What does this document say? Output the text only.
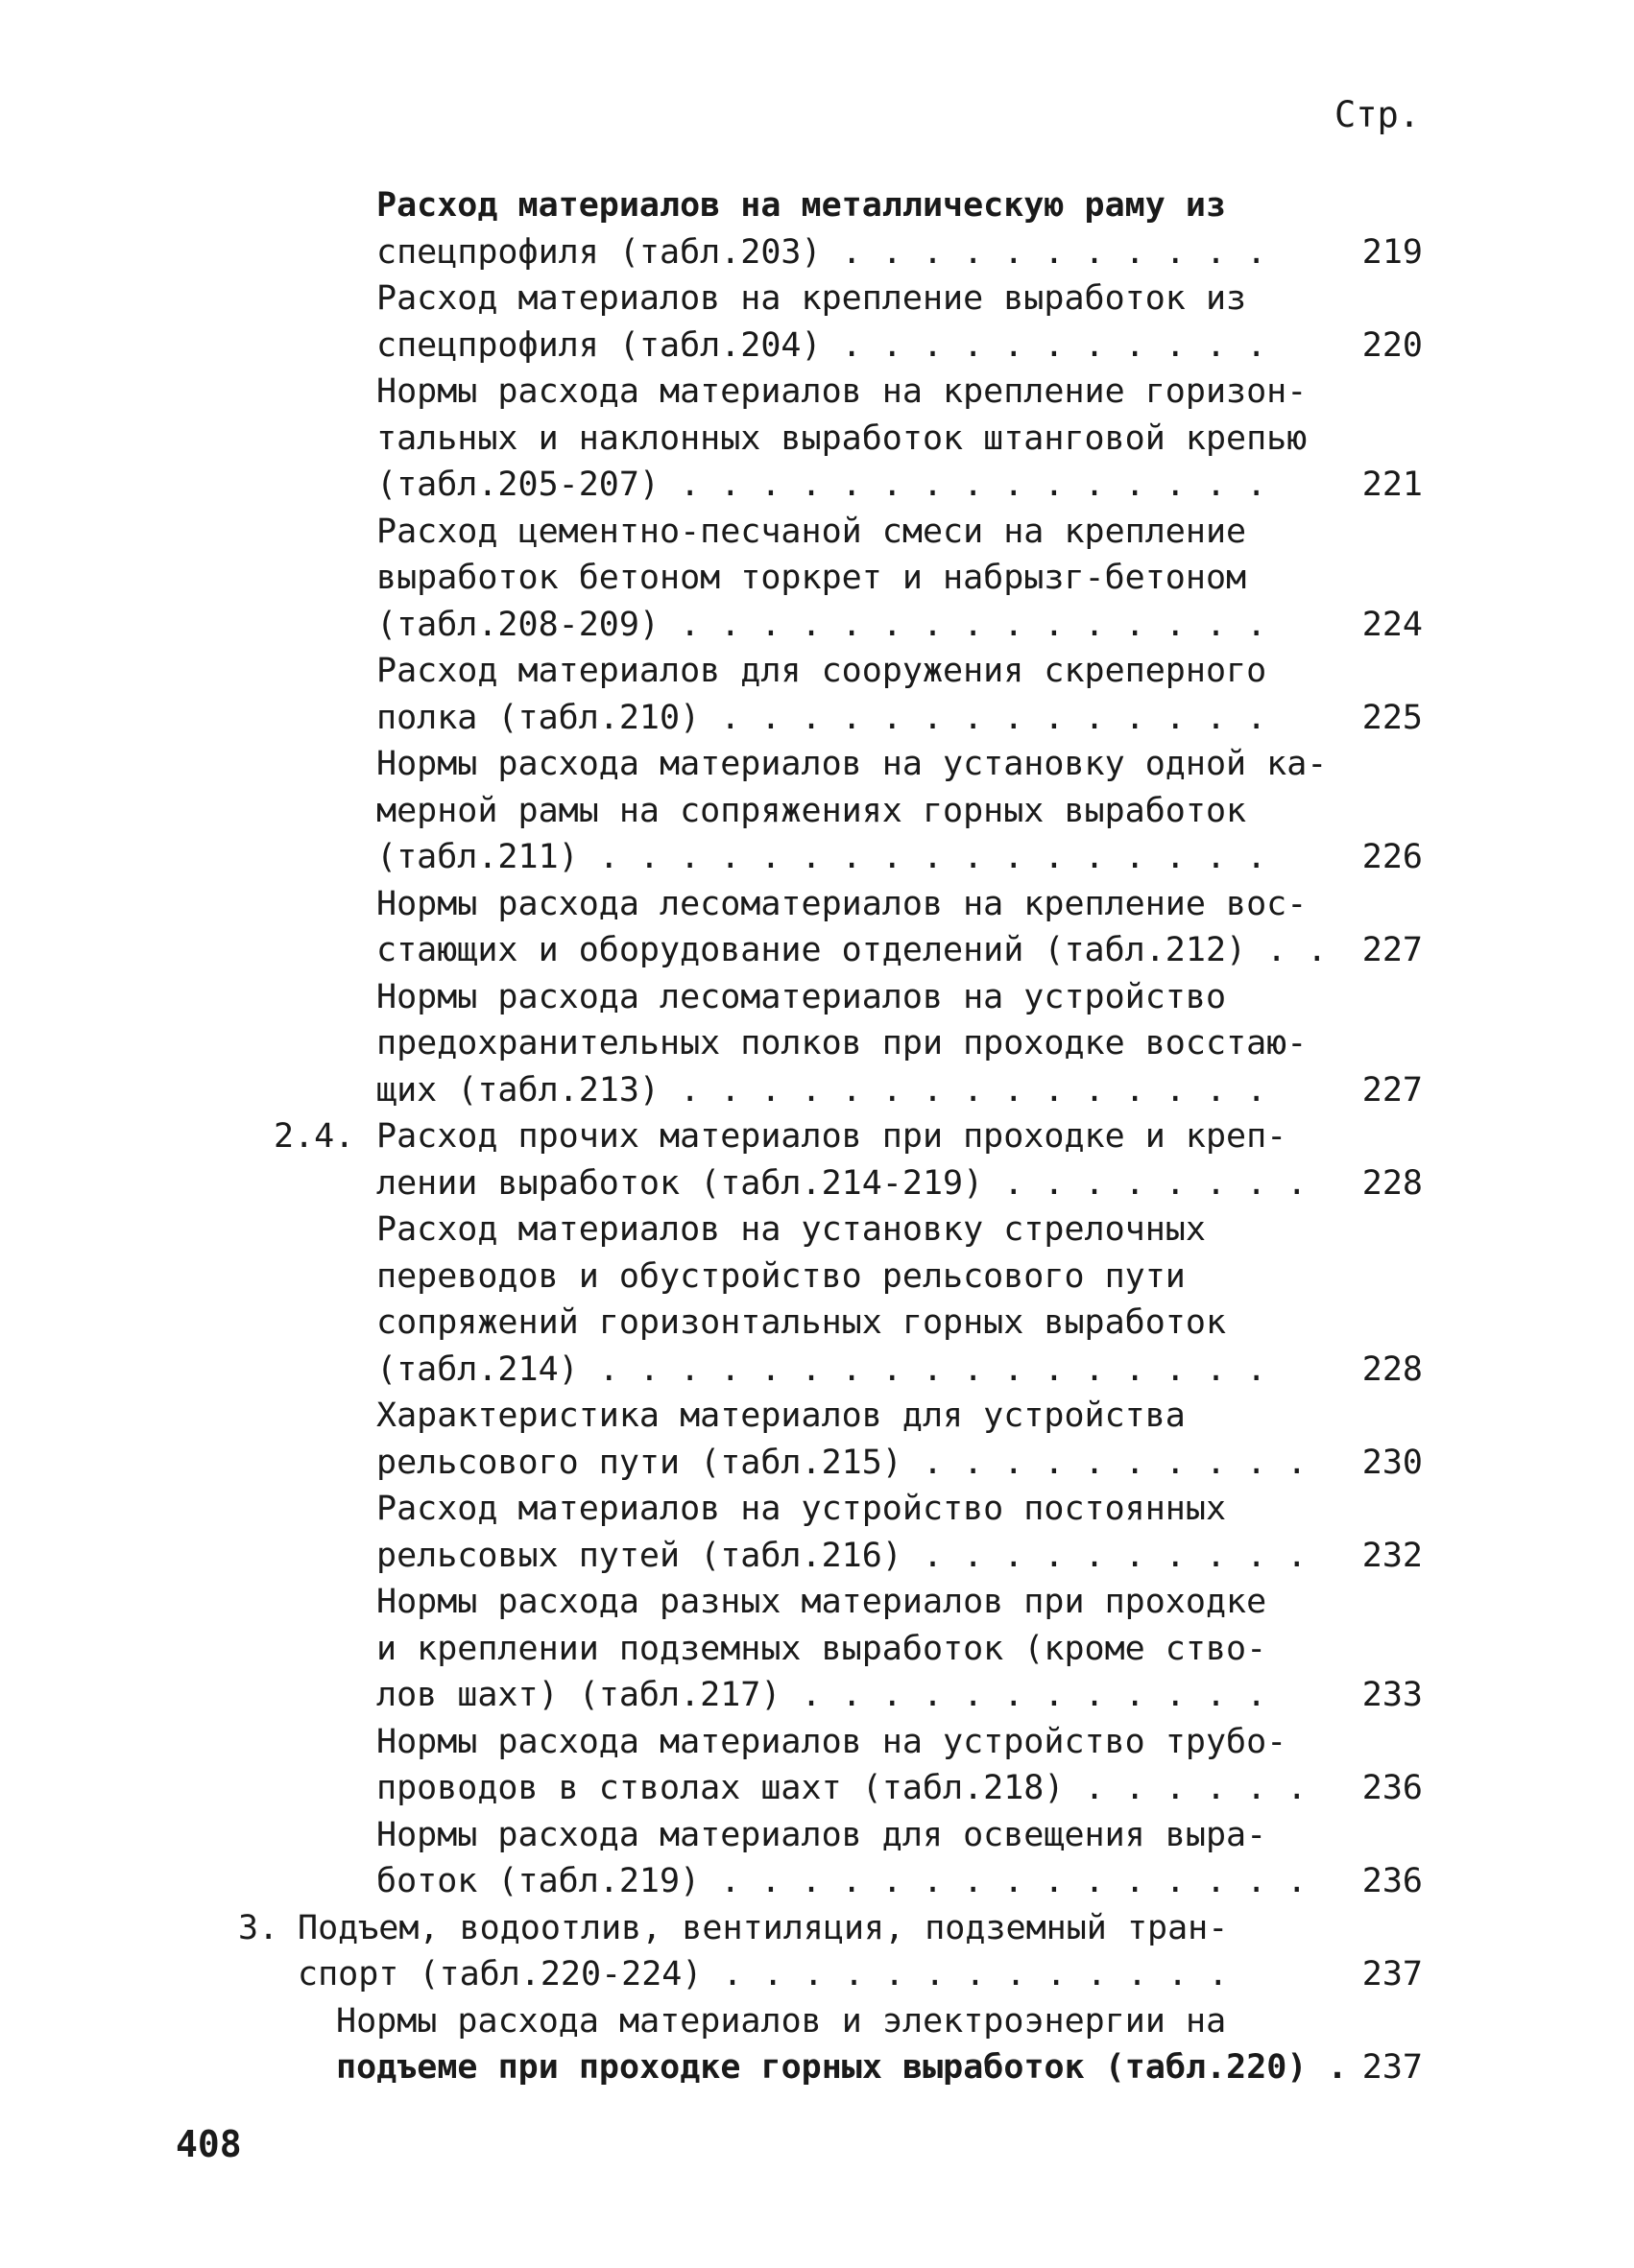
Стр.
Расход материалов на металлическую раму из
спецпрофиля (табл.203) . . . . . . . . . . .	219
Расход материалов на крепление выработок из
спецпрофиля (табл.204) . . . . . . . . . . .	220
Нормы расхода материалов на крепление горизон-
тальных и наклонных выработок штанговой крепью
(табл.205-207) . . . . . . . . . . . . . . .	221
Расход цементно-песчаной смеси на крепление
выработок бетоном торкрет и набрызг-бетоном
(табл.208-209) . . . . . . . . . . . . . . .	224
Расход материалов для сооружения скреперного
полка (табл.210) . . . . . . . . . . . . . .	225
Нормы расхода материалов на установку одной ка-
мерной рамы на сопряжениях горных выработок
(табл.211) . . . . . . . . . . . . . . . . .	226
Нормы расхода лесоматериалов на крепление вос-
стающих и оборудование отделений (табл.212) . .	227
Нормы расхода лесоматериалов на устройство
предохранительных полков при проходке восстаю-
щих (табл.213) . . . . . . . . . . . . . . .	227
2.4. Расход прочих материалов при проходке и креп-
лении выработок (табл.214-219) . . . . . . . .	228
Расход материалов на установку стрелочных
переводов и обустройство рельсового пути
сопряжений горизонтальных горных выработок
(табл.214) . . . . . . . . . . . . . . . . .	228
Характеристика материалов для устройства
рельсового пути (табл.215) . . . . . . . . . .	230
Расход материалов на устройство постоянных
рельсовых путей (табл.216) . . . . . . . . . .	232
Нормы расхода разных материалов при проходке
и креплении подземных выработок (кроме ство-
лов шахт) (табл.217) . . . . . . . . . . . .	233
Нормы расхода материалов на устройство трубо-
проводов в стволах шахт (табл.218) . . . . . .	236
Нормы расхода материалов для освещения выра-
боток (табл.219) . . . . . . . . . . . . . . .	236
3. Подъем, водоотлив, вентиляция, подземный тран-
спорт (табл.220-224) . . . . . . . . . . . . .	237
Нормы расхода материалов и электроэнергии на
подъеме при проходке горных выработок (табл.220) . 237
408
